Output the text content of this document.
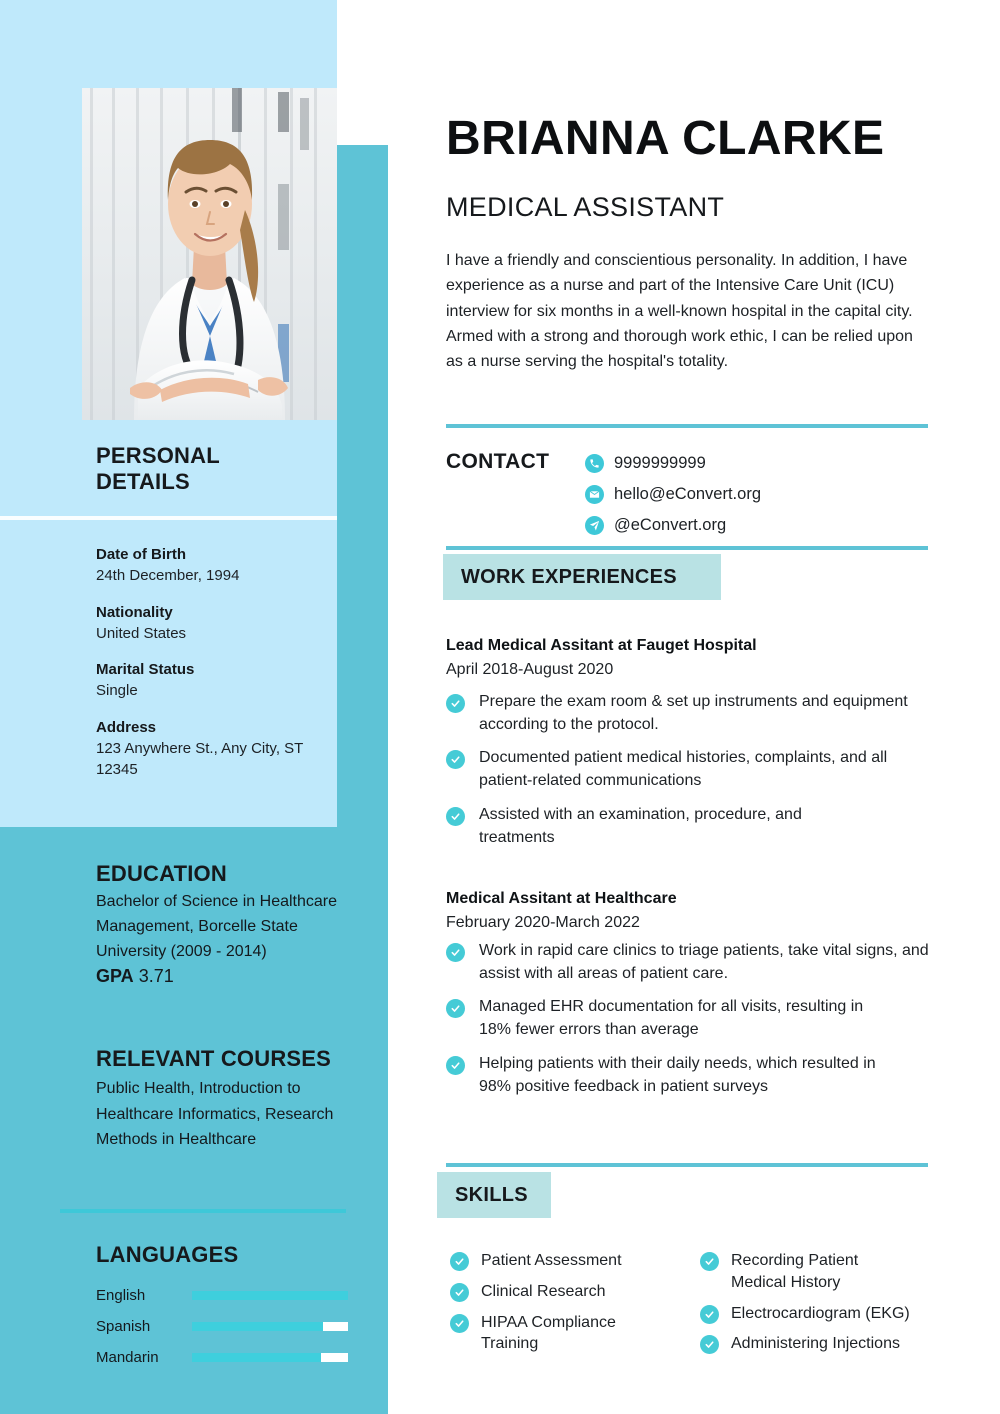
PERSONAL
DETAILS
Date of Birth
24th December, 1994
Nationality
United States
Marital Status
Single
Address
123 Anywhere St., Any City, ST 12345
EDUCATION
Bachelor of Science in Healthcare Management, Borcelle State University (2009 - 2014)
GPA 3.71
RELEVANT COURSES
Public Health, Introduction to Healthcare Informatics, Research Methods in Healthcare
LANGUAGES
English
Spanish
Mandarin
BRIANNA CLARKE
MEDICAL ASSISTANT
I have a friendly and conscientious personality. In addition, I have experience as a nurse and part of the Intensive Care Unit (ICU) interview for six months in a well-known hospital in the capital city. Armed with a strong and thorough work ethic, I can be relied upon as a nurse serving the hospital's totality.
CONTACT	9999999999
hello@eConvert.org
@eConvert.org
WORK EXPERIENCES
Lead Medical Assitant at Fauget Hospital
April 2018-August 2020
Prepare the exam room & set up instruments and equipment according to the protocol.
Documented patient medical histories, complaints, and all patient-related communications
Assisted with an examination, procedure, and treatments
Medical Assitant at Healthcare
February 2020-March 2022
Work in rapid care clinics to triage patients, take vital signs, and assist with all areas of patient care.
Managed EHR documentation for all visits, resulting in 18% fewer errors than average
Helping patients with their daily needs, which resulted in 98% positive feedback in patient surveys
SKILLS
Patient Assessment
Clinical Research
HIPAA Compliance Training
Recording Patient Medical History
Electrocardiogram (EKG)
Administering Injections
